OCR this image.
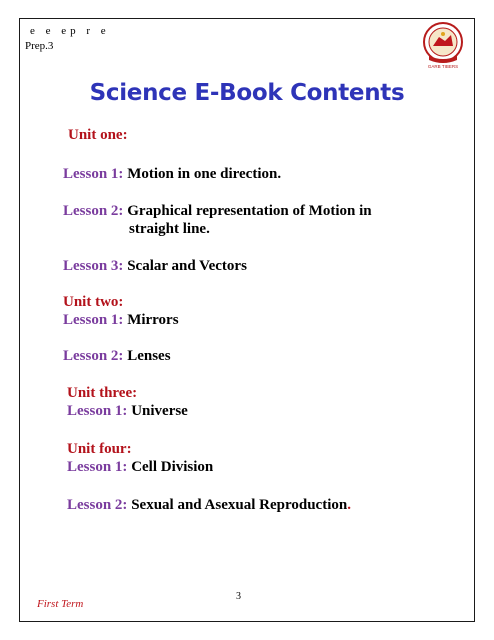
e e ep r e
Prep.3
GARB TIBERS
Science E-Book Contents
Unit one:
Lesson 1: Motion in one direction.
Lesson 2: Graphical representation of Motion in
straight line.
Lesson 3: Scalar and Vectors
Unit two:
Lesson 1: Mirrors
Lesson 2: Lenses
Unit three:
Lesson 1: Universe
Unit four:
Lesson 1: Cell Division
Lesson 2: Sexual and Asexual Reproduction.
3
First Term
